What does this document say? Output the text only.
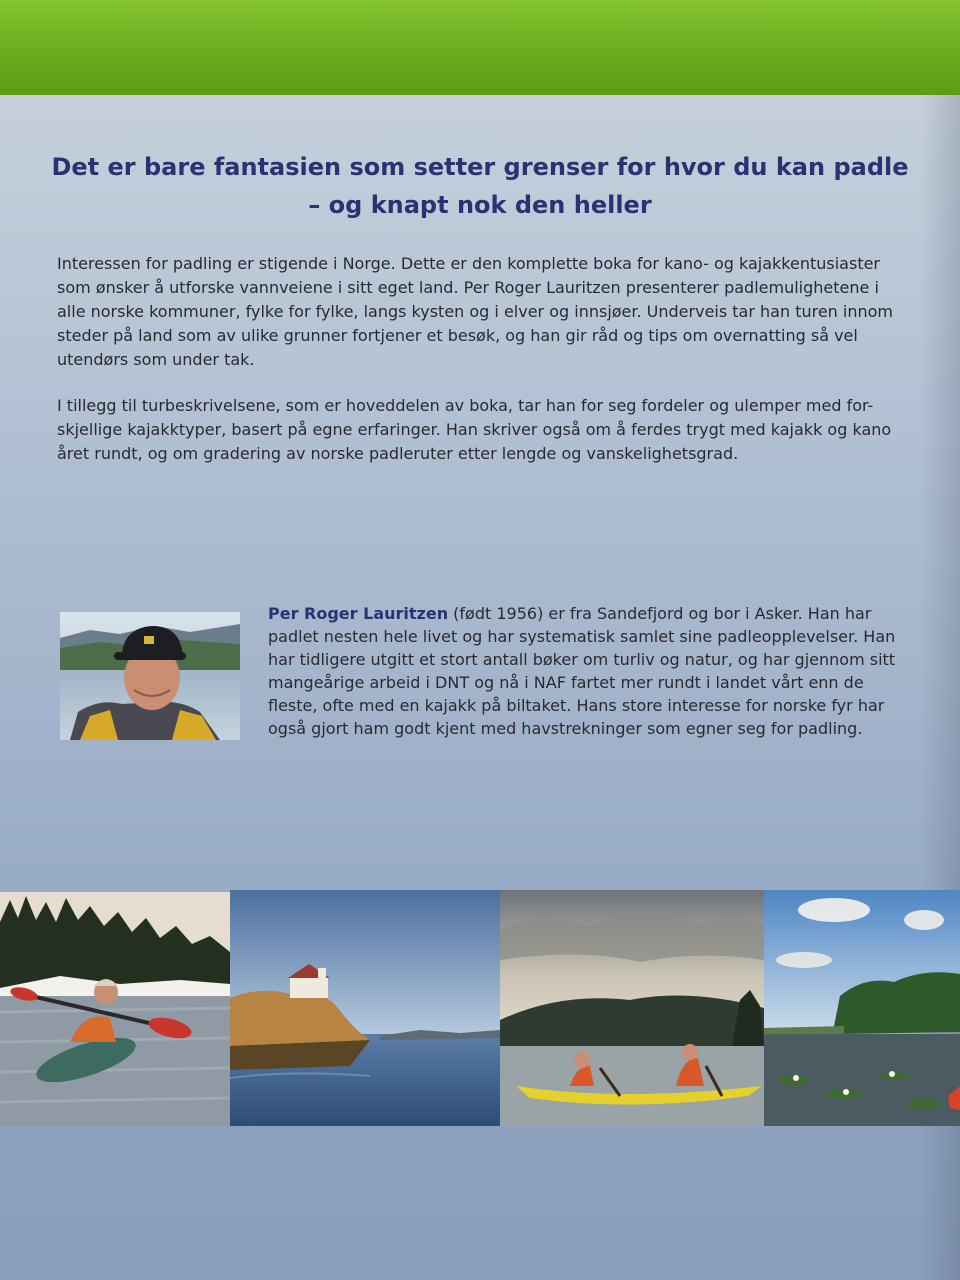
Det er bare fantasien som setter grenser for hvor du kan padle
– og knapt nok den heller

Interessen for padling er stigende i Norge. Dette er den komplette boka for kano- og kajakkentusiaster som ønsker å utforske vannveiene i sitt eget land. Per Roger Lauritzen presenterer padlemulighetene i alle norske kommuner, fylke for fylke, langs kysten og i elver og innsjøer. Underveis tar han turen innom steder på land som av ulike grunner fortjener et besøk, og han gir råd og tips om overnatting så vel utendørs som under tak.

I tillegg til turbeskrivelsene, som er hoveddelen av boka, tar han for seg fordeler og ulemper med for-skjellige kajakktyper, basert på egne erfaringer. Han skriver også om å ferdes trygt med kajakk og kano året rundt, og om gradering av norske padleruter etter lengde og vanskelighetsgrad.

Per Roger Lauritzen (født 1956) er fra Sandefjord og bor i Asker. Han har padlet nesten hele livet og har systematisk samlet sine padleopplevelser. Han har tidligere utgitt et stort antall bøker om turliv og natur, og har gjennom sitt mangeårige arbeid i DNT og nå i NAF fartet mer rundt i landet vårt enn de fleste, ofte med en kajakk på biltaket. Hans store interesse for norske fyr har også gjort ham godt kjent med havstrekninger som egner seg for padling.
